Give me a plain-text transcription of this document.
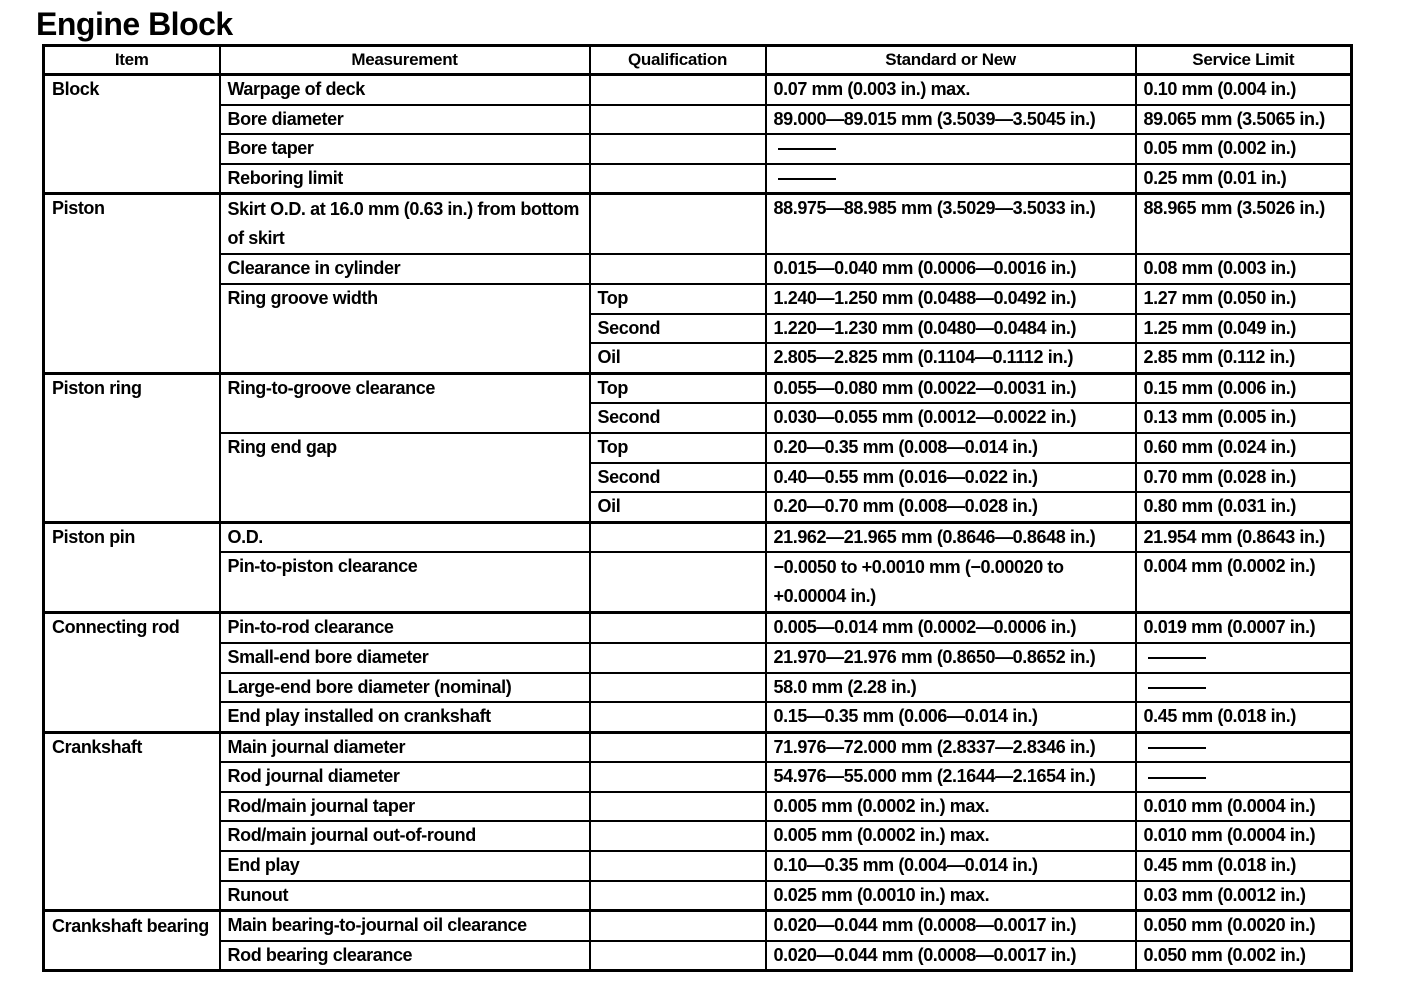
Engine Block
Item	Measurement	Qualification	Standard or New	Service Limit
Block	Warpage of deck		0.07 mm (0.003 in.) max.	0.10 mm (0.004 in.)
	Bore diameter		89.000—89.015 mm (3.5039—3.5045 in.)	89.065 mm (3.5065 in.)
	Bore taper			0.05 mm (0.002 in.)
	Reboring limit			0.25 mm (0.01 in.)
Piston	Skirt O.D. at 16.0 mm (0.63 in.) from bottom of skirt		88.975—88.985 mm (3.5029—3.5033 in.)	88.965 mm (3.5026 in.)
	Clearance in cylinder		0.015—0.040 mm (0.0006—0.0016 in.)	0.08 mm (0.003 in.)
	Ring groove width	Top	1.240—1.250 mm (0.0488—0.0492 in.)	1.27 mm (0.050 in.)
		Second	1.220—1.230 mm (0.0480—0.0484 in.)	1.25 mm (0.049 in.)
		Oil	2.805—2.825 mm (0.1104—0.1112 in.)	2.85 mm (0.112 in.)
Piston ring	Ring-to-groove clearance	Top	0.055—0.080 mm (0.0022—0.0031 in.)	0.15 mm (0.006 in.)
		Second	0.030—0.055 mm (0.0012—0.0022 in.)	0.13 mm (0.005 in.)
	Ring end gap	Top	0.20—0.35 mm (0.008—0.014 in.)	0.60 mm (0.024 in.)
		Second	0.40—0.55 mm (0.016—0.022 in.)	0.70 mm (0.028 in.)
		Oil	0.20—0.70 mm (0.008—0.028 in.)	0.80 mm (0.031 in.)
Piston pin	O.D.		21.962—21.965 mm (0.8646—0.8648 in.)	21.954 mm (0.8643 in.)
	Pin-to-piston clearance		−0.0050 to +0.0010 mm (−0.00020 to +0.00004 in.)	0.004 mm (0.0002 in.)
Connecting rod	Pin-to-rod clearance		0.005—0.014 mm (0.0002—0.0006 in.)	0.019 mm (0.0007 in.)
	Small-end bore diameter		21.970—21.976 mm (0.8650—0.8652 in.)	
	Large-end bore diameter (nominal)		58.0 mm (2.28 in.)	
	End play installed on crankshaft		0.15—0.35 mm (0.006—0.014 in.)	0.45 mm (0.018 in.)
Crankshaft	Main journal diameter		71.976—72.000 mm (2.8337—2.8346 in.)	
	Rod journal diameter		54.976—55.000 mm (2.1644—2.1654 in.)	
	Rod/main journal taper		0.005 mm (0.0002 in.) max.	0.010 mm (0.0004 in.)
	Rod/main journal out-of-round		0.005 mm (0.0002 in.) max.	0.010 mm (0.0004 in.)
	End play		0.10—0.35 mm (0.004—0.014 in.)	0.45 mm (0.018 in.)
	Runout		0.025 mm (0.0010 in.) max.	0.03 mm (0.0012 in.)
Crankshaft bearing	Main bearing-to-journal oil clearance		0.020—0.044 mm (0.0008—0.0017 in.)	0.050 mm (0.0020 in.)
	Rod bearing clearance		0.020—0.044 mm (0.0008—0.0017 in.)	0.050 mm (0.002 in.)
